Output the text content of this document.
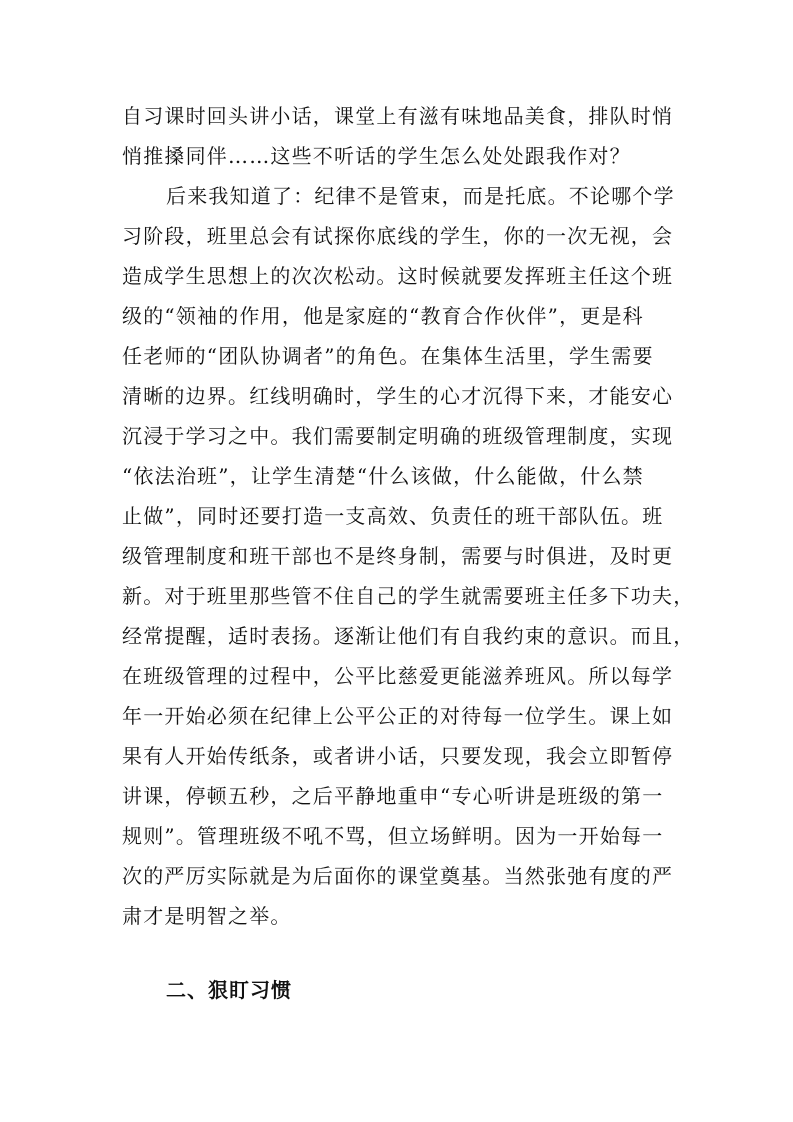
自习课时回头讲小话，课堂上有滋有味地品美食，排队时悄
悄推搡同伴……这些不听话的学生怎么处处跟我作对？
后来我知道了：纪律不是管束，而是托底。不论哪个学
习阶段，班里总会有试探你底线的学生，你的一次无视，会
造成学生思想上的次次松动。这时候就要发挥班主任这个班
级的“领袖的作用，他是家庭的“教育合作伙伴”，更是科
任老师的“团队协调者”的角色。在集体生活里，学生需要
清晰的边界。红线明确时，学生的心才沉得下来，才能安心
沉浸于学习之中。我们需要制定明确的班级管理制度，实现
“依法治班”，让学生清楚“什么该做，什么能做，什么禁
止做”，同时还要打造一支高效、负责任的班干部队伍。班
级管理制度和班干部也不是终身制，需要与时俱进，及时更
新。对于班里那些管不住自己的学生就需要班主任多下功夫，
经常提醒，适时表扬。逐渐让他们有自我约束的意识。而且，
在班级管理的过程中，公平比慈爱更能滋养班风。所以每学
年一开始必须在纪律上公平公正的对待每一位学生。课上如
果有人开始传纸条，或者讲小话，只要发现，我会立即暂停
讲课，停顿五秒，之后平静地重申“专心听讲是班级的第一
规则”。管理班级不吼不骂，但立场鲜明。因为一开始每一
次的严厉实际就是为后面你的课堂奠基。当然张弛有度的严
肃才是明智之举。
二、狠盯习惯
